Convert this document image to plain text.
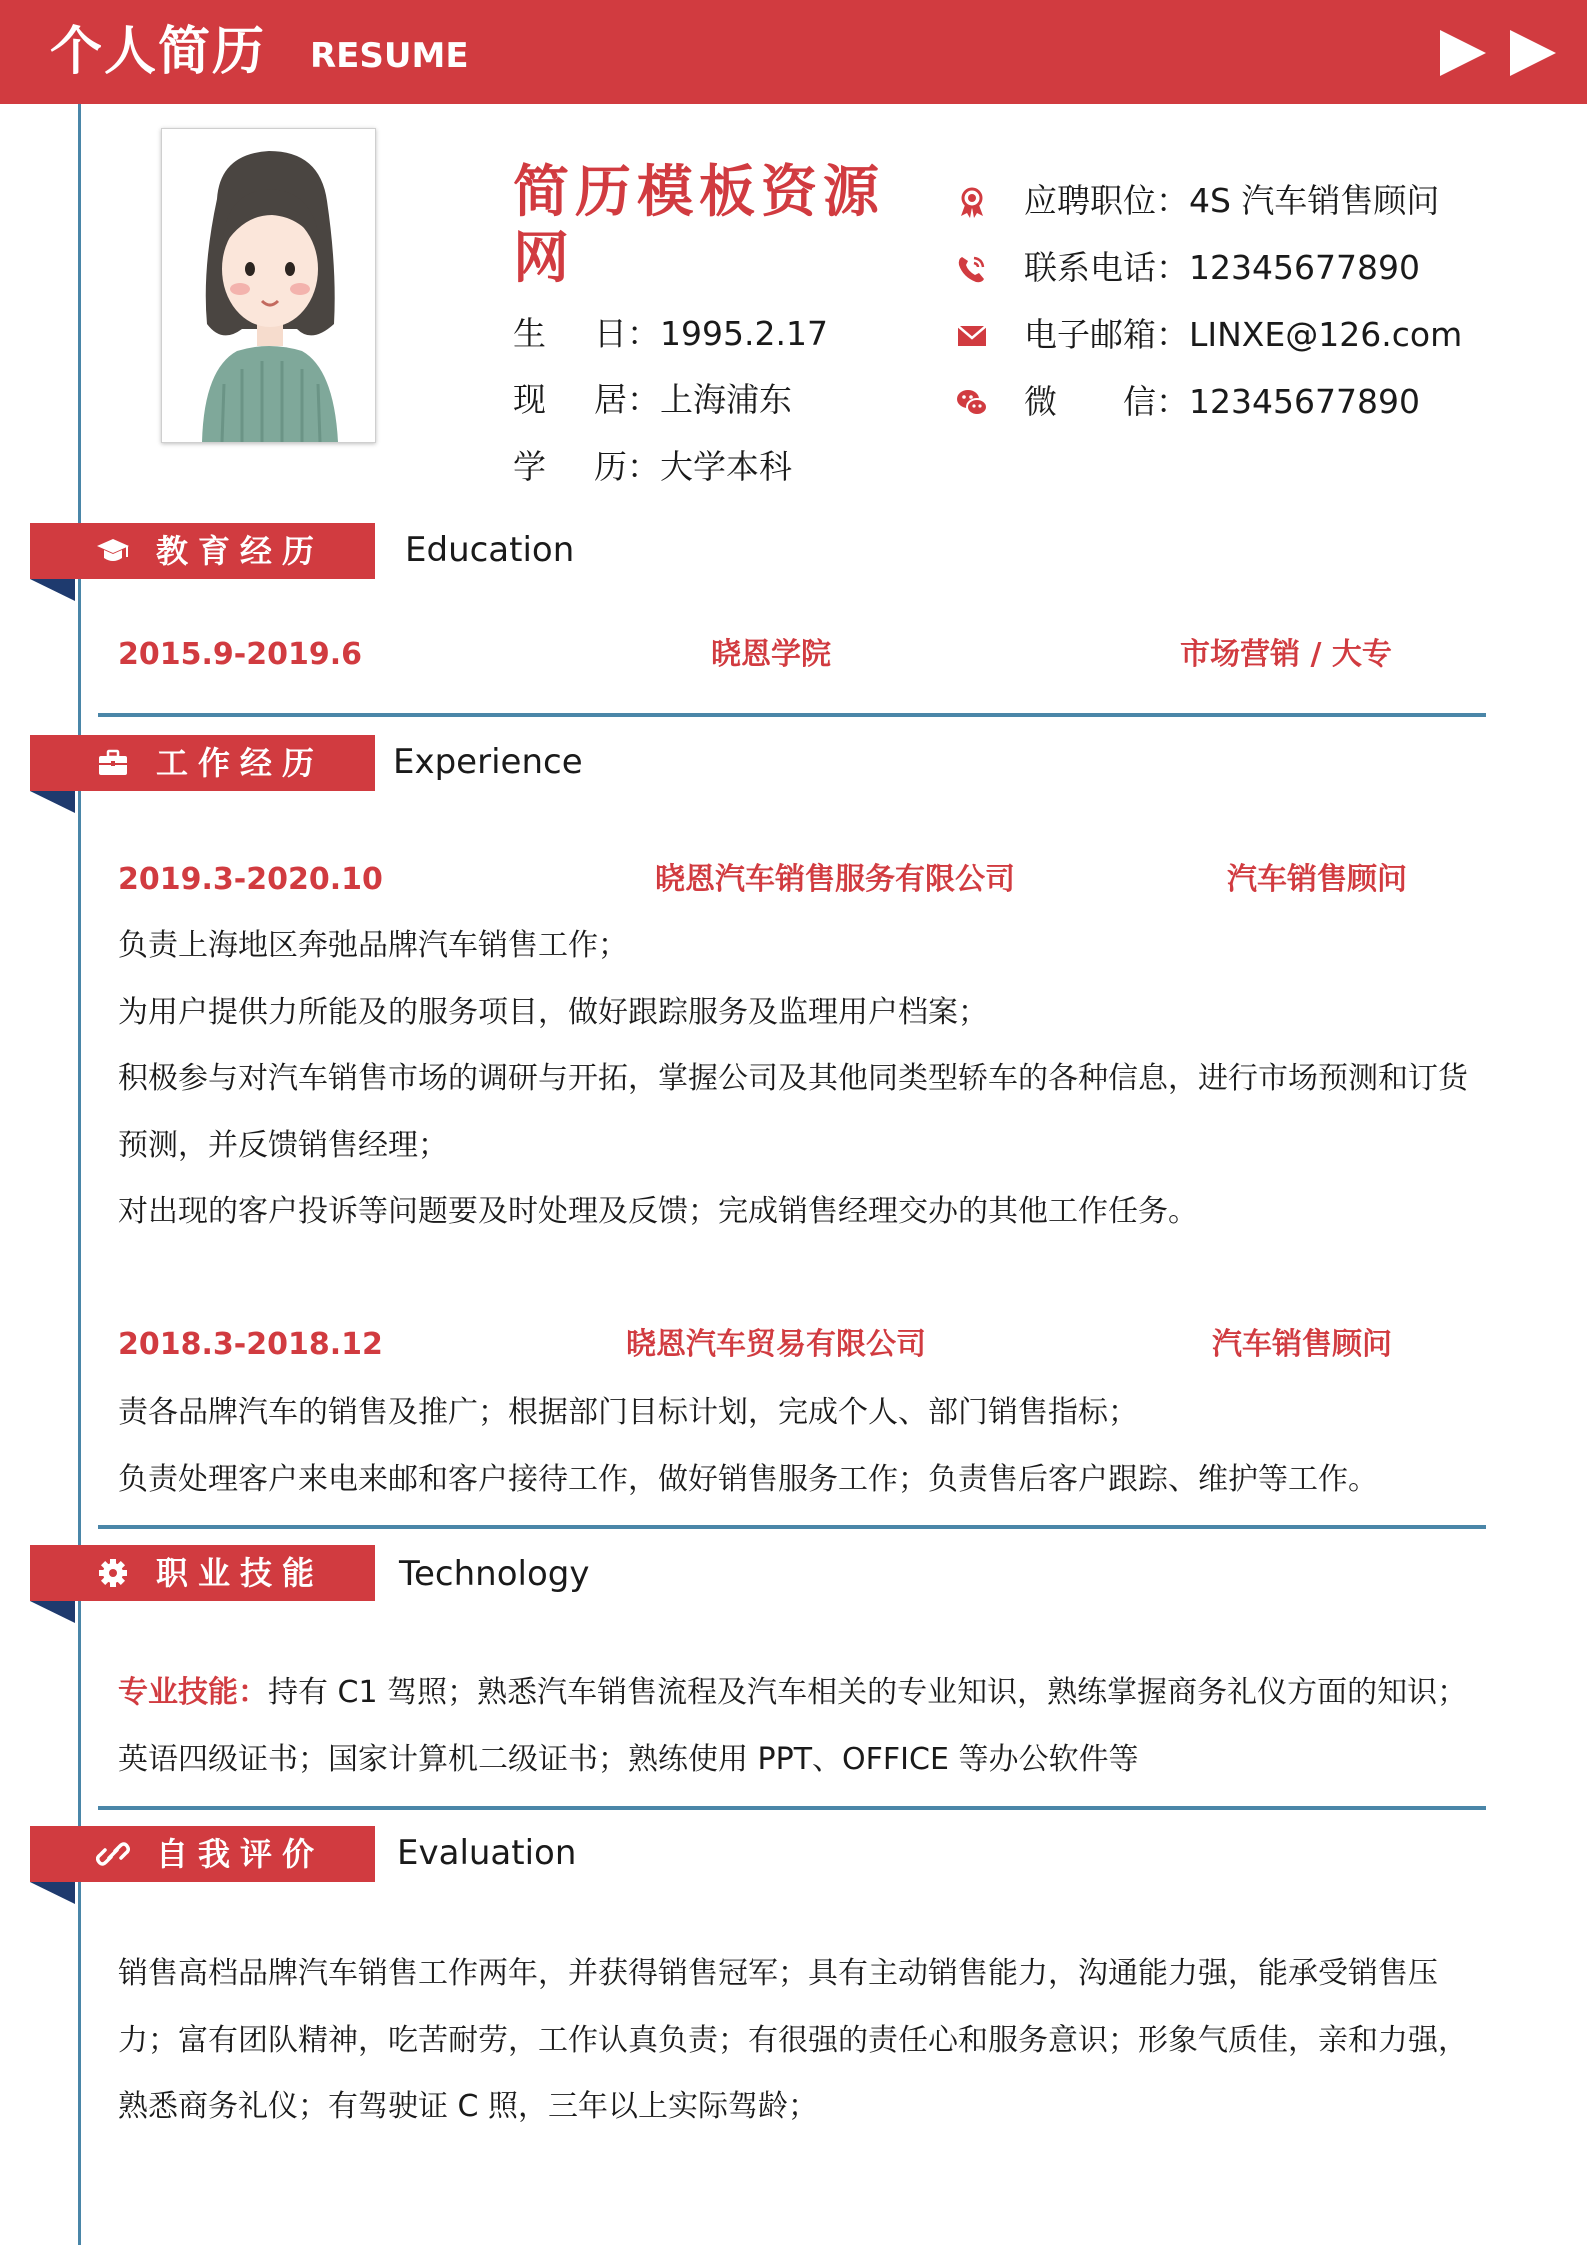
个人简历 RESUME
简历模板资源网
生 日：1995.2.17
现 居：上海浦东
学 历：大学本科
应聘职位：4S 汽车销售顾问
联系电话：12345677890
电子邮箱：LINXE@126.com
微　　信：12345677890
教育经历 Education
2015.9-2019.6	晓恩学院	市场营销 / 大专
工作经历 Experience
2019.3-2020.10	晓恩汽车销售服务有限公司	汽车销售顾问

负责上海地区奔弛品牌汽车销售工作；

为用户提供力所能及的服务项目，做好跟踪服务及监理用户档案；

积极参与对汽车销售市场的调研与开拓，掌握公司及其他同类型轿车的各种信息，进行市场预测和订货预测，并反馈销售经理；

对出现的客户投诉等问题要及时处理及反馈；完成销售经理交办的其他工作任务。

2018.3-2018.12	晓恩汽车贸易有限公司	汽车销售顾问

责各品牌汽车的销售及推广；根据部门目标计划，完成个人、部门销售指标；

负责处理客户来电来邮和客户接待工作，做好销售服务工作；负责售后客户跟踪、维护等工作。

职业技能 Technology

专业技能：持有 C1 驾照；熟悉汽车销售流程及汽车相关的专业知识，熟练掌握商务礼仪方面的知识；英语四级证书；国家计算机二级证书；熟练使用 PPT、OFFICE 等办公软件等

自我评价 Evaluation

销售高档品牌汽车销售工作两年，并获得销售冠军；具有主动销售能力，沟通能力强，能承受销售压力；富有团队精神，吃苦耐劳，工作认真负责；有很强的责任心和服务意识；形象气质佳，亲和力强，熟悉商务礼仪；有驾驶证 C 照，三年以上实际驾龄；
